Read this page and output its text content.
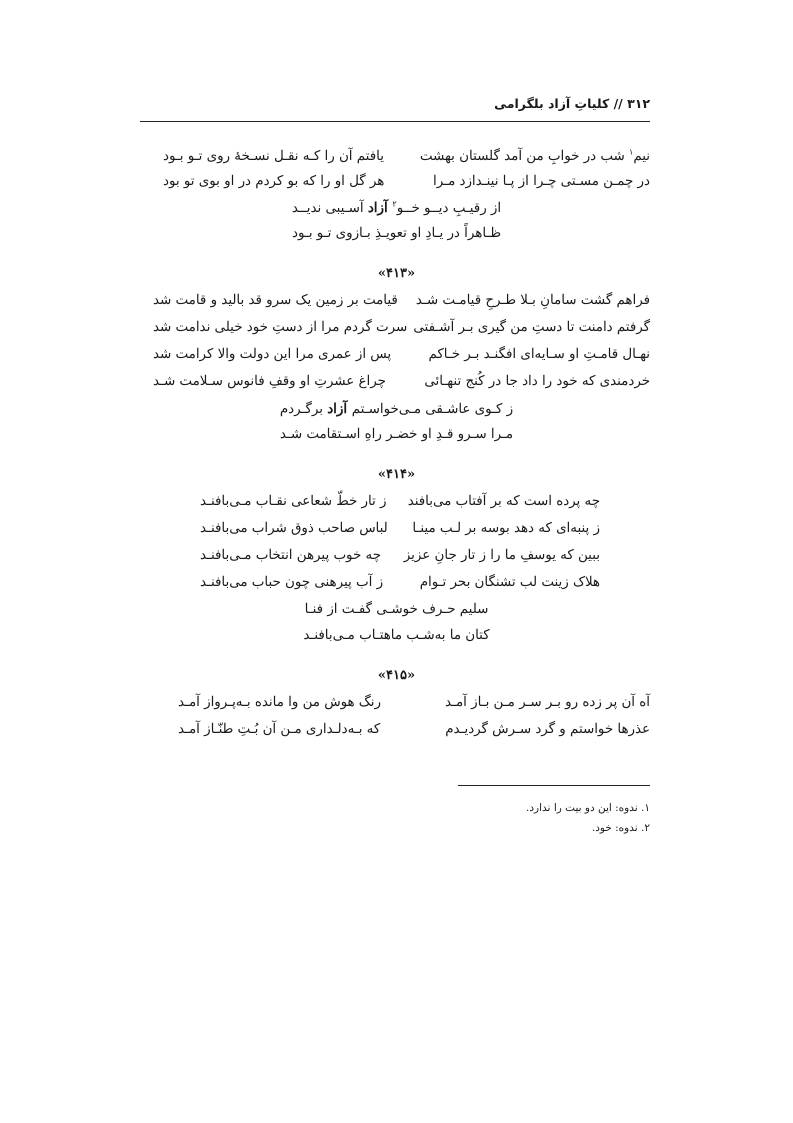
۳۱۲ // کلیاتِ آزاد بلگرامی
نیم$^۱$ شب در خوابِ من آمد گلستان بهشت
یافتم آن را کـه نقـل نسـخۀ روی تـو بـود
در چمـن مسـتی چـرا از پـا نینـدازد مـرا
هر گل او را که بو کردم در او بوی تو بود
از رقیـبِ دیــو خــو$^۲$ آزاد آسـیبی ندیــد
ظـاهراً در یـادِ او تعویـذِ بـازوی تـو بـود
«۴۱۳»
فراهم گشت سامانِ بـلا طـرحِ قیامـت شـد
قیامت بر زمین یک سرو قد بالید و قامت شد
گرفتم دامنت تا دستِ من گیری بـر آشـفتی
سرت گردم مرا از دستِ خود خیلی ندامت شد
نهـال قامـتِ او سـایه‌ای افگنـد بـر خـاکم
پس از عمری مرا این دولت والا کرامت شد
خردمندی که خود را داد جا در کُنج تنهـائی
چراغ عشرتِ او وقفِ فانوس سـلامت شـد
ز کـوی عاشـقی مـی‌خواسـتم آزاد برگـردم
مـرا سـرو قـدِ او خضـر راهِ اسـتقامت شـد
«۴۱۴»
چه پرده است که بر آفتاب می‌بافند
ز تار خطّ شعاعی نقـاب مـی‌بافنـد
ز پنبه‌ای که دهد بوسه بر لـب مینـا
لباس صاحب ذوق شراب می‌بافنـد
ببین که یوسفِ ما را ز تار جانِ عزیز
چه خوب پیرهن انتخاب مـی‌بافنـد
هلاک زینت لب تشنگان بحر تـوام
ز آب پیرهنی چون حباب می‌بافنـد
سلیم حـرف خوشـی گفـت از فنـا
کتان ما به‌شـب ماهتـاب مـی‌بافنـد
«۴۱۵»
آه آن پر زده رو بـر سـر مـن بـاز آمـد
رنگ هوش من وا مانده بـه‌پـرواز آمـد
عذرها خواستم و گرد سـرش گردیـدم
که بـه‌دلـداری مـن آن بُـتِ طنّـاز آمـد
۱. ندوه: این دو بیت را ندارد.
۲. ندوه: خود.
